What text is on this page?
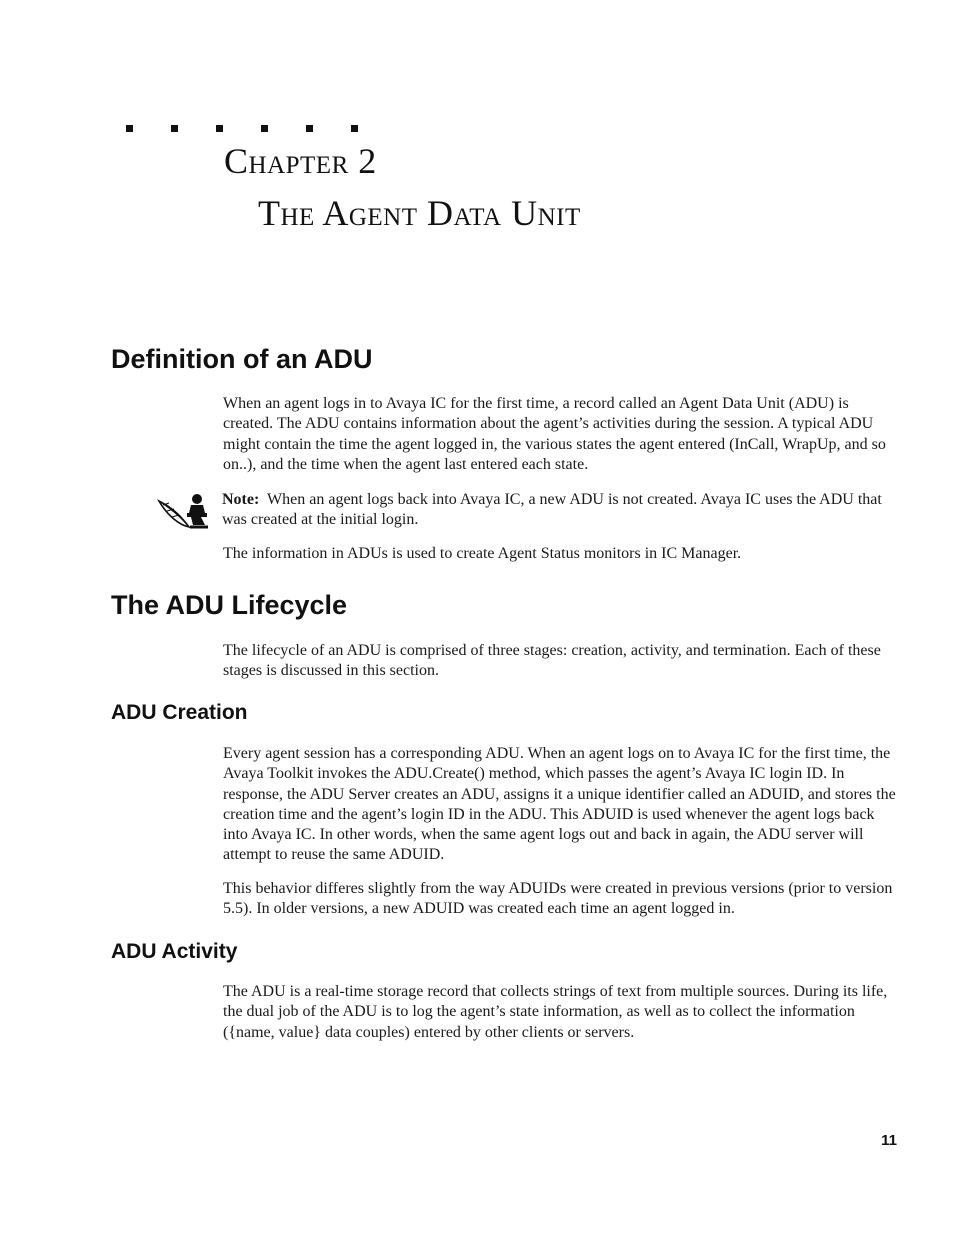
Chapter 2
The Agent Data Unit
Definition of an ADU

When an agent logs in to Avaya IC for the first time, a record called an Agent Data Unit (ADU) is created. The ADU contains information about the agent’s activities during the session. A typical ADU might contain the time the agent logged in, the various states the agent entered (InCall, WrapUp, and so on..), and the time when the agent last entered each state.

Note: When an agent logs back into Avaya IC, a new ADU is not created. Avaya IC uses the ADU that was created at the initial login.

The information in ADUs is used to create Agent Status monitors in IC Manager.

The ADU Lifecycle

The lifecycle of an ADU is comprised of three stages: creation, activity, and termination. Each of these stages is discussed in this section.

ADU Creation

Every agent session has a corresponding ADU. When an agent logs on to Avaya IC for the first time, the Avaya Toolkit invokes the ADU.Create() method, which passes the agent’s Avaya IC login ID. In response, the ADU Server creates an ADU, assigns it a unique identifier called an ADUID, and stores the creation time and the agent’s login ID in the ADU. This ADUID is used whenever the agent logs back into Avaya IC. In other words, when the same agent logs out and back in again, the ADU server will attempt to reuse the same ADUID.

This behavior differes slightly from the way ADUIDs were created in previous versions (prior to version 5.5). In older versions, a new ADUID was created each time an agent logged in.

ADU Activity

The ADU is a real-time storage record that collects strings of text from multiple sources. During its life, the dual job of the ADU is to log the agent’s state information, as well as to collect the information ({name, value} data couples) entered by other clients or servers.

11
